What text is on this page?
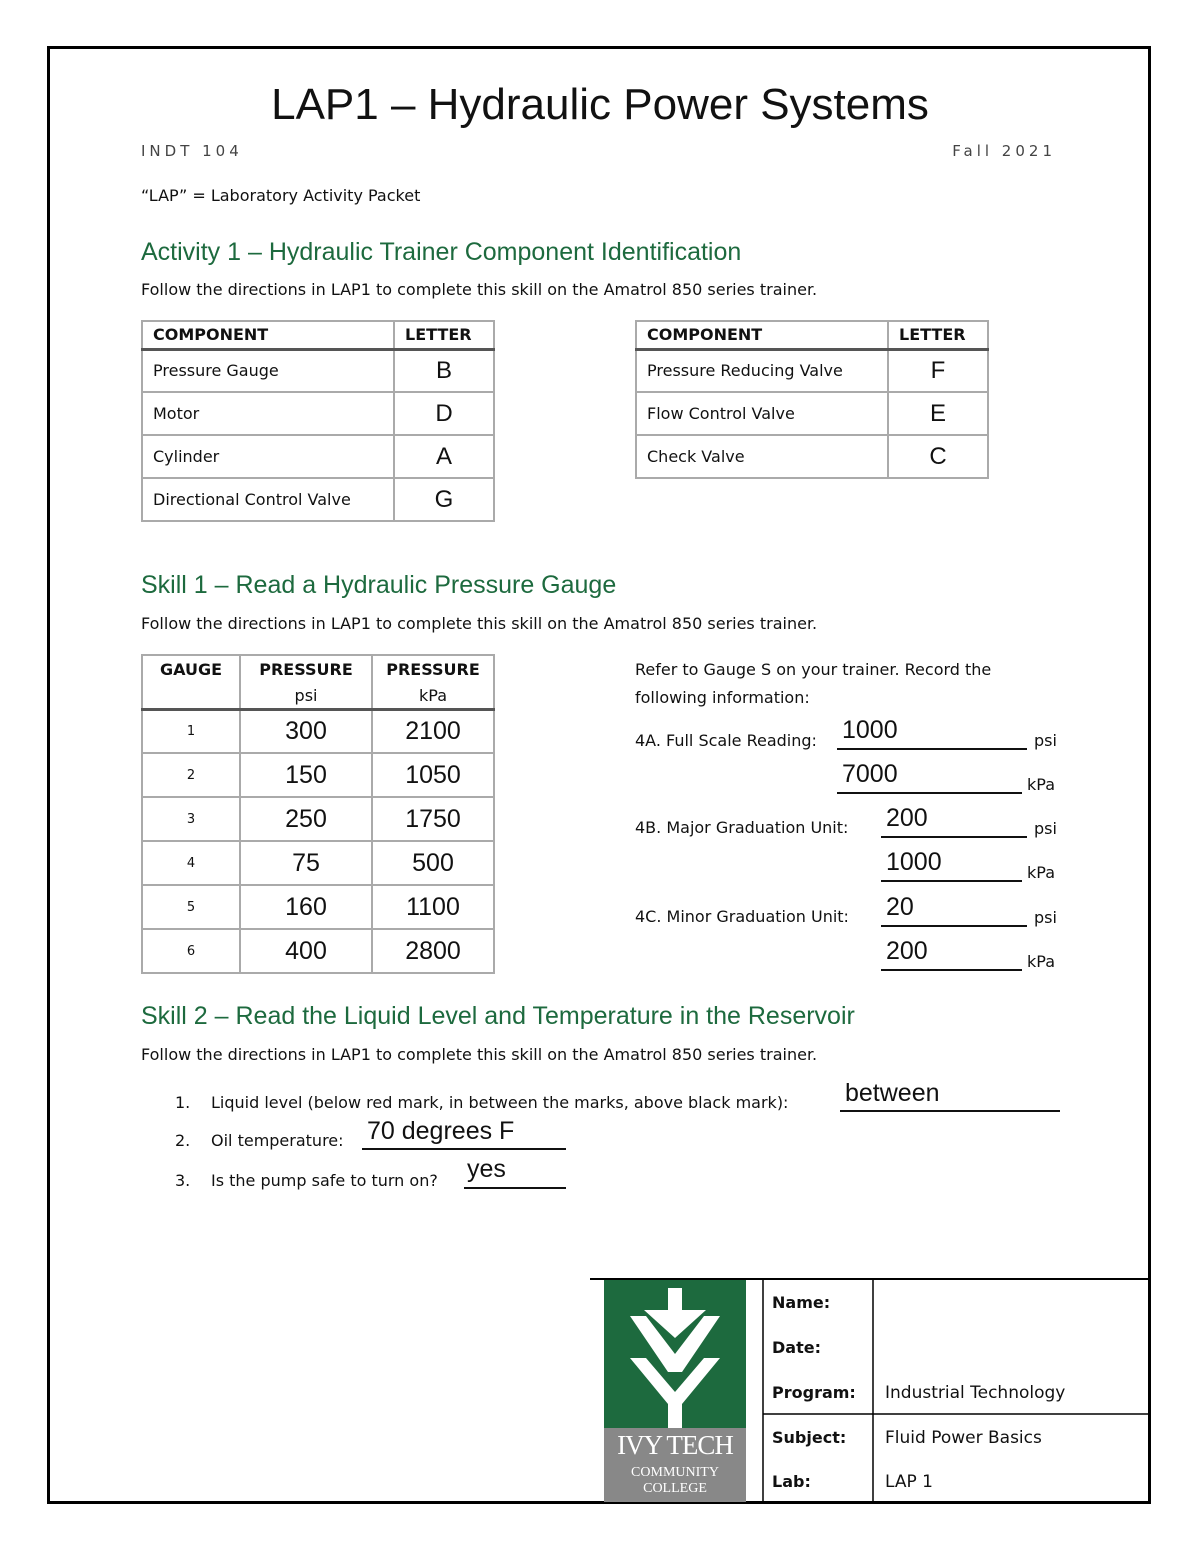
LAP1 – Hydraulic Power Systems
INDT 104	Fall 2021
“LAP” = Laboratory Activity Packet
Activity 1 – Hydraulic Trainer Component Identification
Follow the directions in LAP1 to complete this skill on the Amatrol 850 series trainer.
COMPONENT	LETTER
Pressure Gauge	B
Motor	D
Cylinder	A
Directional Control Valve	G
COMPONENT	LETTER
Pressure Reducing Valve	F
Flow Control Valve	E
Check Valve	C
Skill 1 – Read a Hydraulic Pressure Gauge
Follow the directions in LAP1 to complete this skill on the Amatrol 850 series trainer.
GAUGE	PRESSURE	PRESSURE
	psi	kPa
1	300	2100
2	150	1050
3	250	1750
4	75	500
5	160	1100
6	400	2800
Refer to Gauge S on your trainer. Record the following information:
4A. Full Scale Reading: 1000	psi
7000	kPa
4B. Major Graduation Unit: 200	psi
1000	kPa
4C. Minor Graduation Unit: 20	psi
200	kPa
Skill 2 – Read the Liquid Level and Temperature in the Reservoir
Follow the directions in LAP1 to complete this skill on the Amatrol 850 series trainer.
1. Liquid level (below red mark, in between the marks, above black mark): between
2. Oil temperature: 70 degrees F
3. Is the pump safe to turn on? yes
IVY TECH
COMMUNITY
COLLEGE
Name:
Date:
Program: Industrial Technology
Subject: Fluid Power Basics
Lab:	LAP 1
